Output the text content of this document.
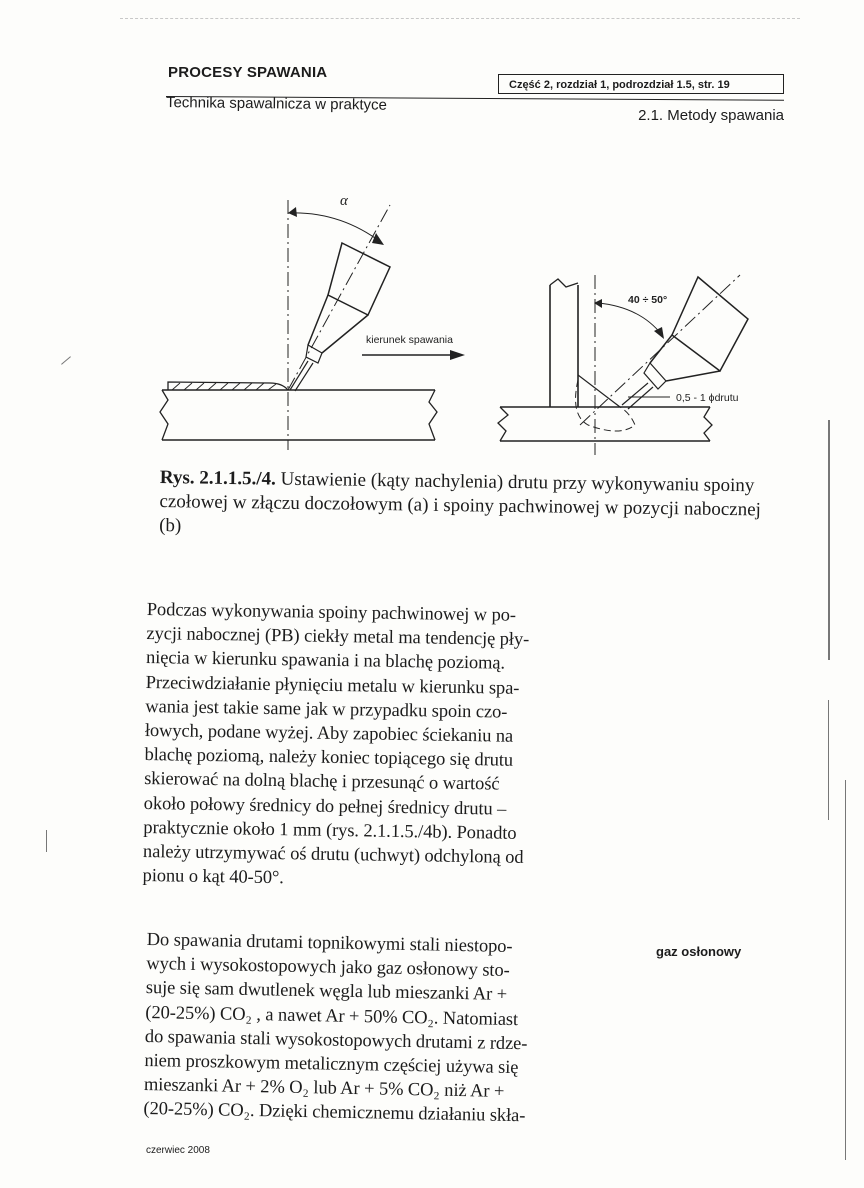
PROCESY SPAWANIA
Część 2, rozdział 1, podrozdział 1.5, str. 19
Technika spawalnicza w praktyce
2.1. Metody spawania
α
kierunek spawania
40 ÷ 50°
0,5 - 1 ϕdrutu
Rys. 2.1.1.5./4. Ustawienie (kąty nachylenia) drutu przy wykonywaniu spoiny czołowej w złączu doczołowym (a) i spoiny pachwinowej w pozycji nabocznej (b)
Podczas wykonywania spoiny pachwinowej w po-
zycji nabocznej (PB) ciekły metal ma tendencję pły-
nięcia w kierunku spawania i na blachę poziomą.
Przeciwdziałanie płynięciu metalu w kierunku spa-
wania jest takie same jak w przypadku spoin czo-
łowych, podane wyżej. Aby zapobiec ściekaniu na
blachę poziomą, należy koniec topiącego się drutu
skierować na dolną blachę i przesunąć o wartość
około połowy średnicy do pełnej średnicy drutu –
praktycznie około 1 mm (rys. 2.1.1.5./4b). Ponadto
należy utrzymywać oś drutu (uchwyt) odchyloną od
pionu o kąt 40-50°.
Do spawania drutami topnikowymi stali niestopo-
wych i wysokostopowych jako gaz osłonowy sto-
suje się sam dwutlenek węgla lub mieszanki Ar +
(20-25%) CO₂ , a nawet Ar + 50% CO₂. Natomiast
do spawania stali wysokostopowych drutami z rdze-
niem proszkowym metalicznym częściej używa się
mieszanki Ar + 2% O₂ lub Ar + 5% CO₂ niż Ar +
(20-25%) CO₂. Dzięki chemicznemu działaniu skła-
gaz osłonowy
czerwiec 2008
